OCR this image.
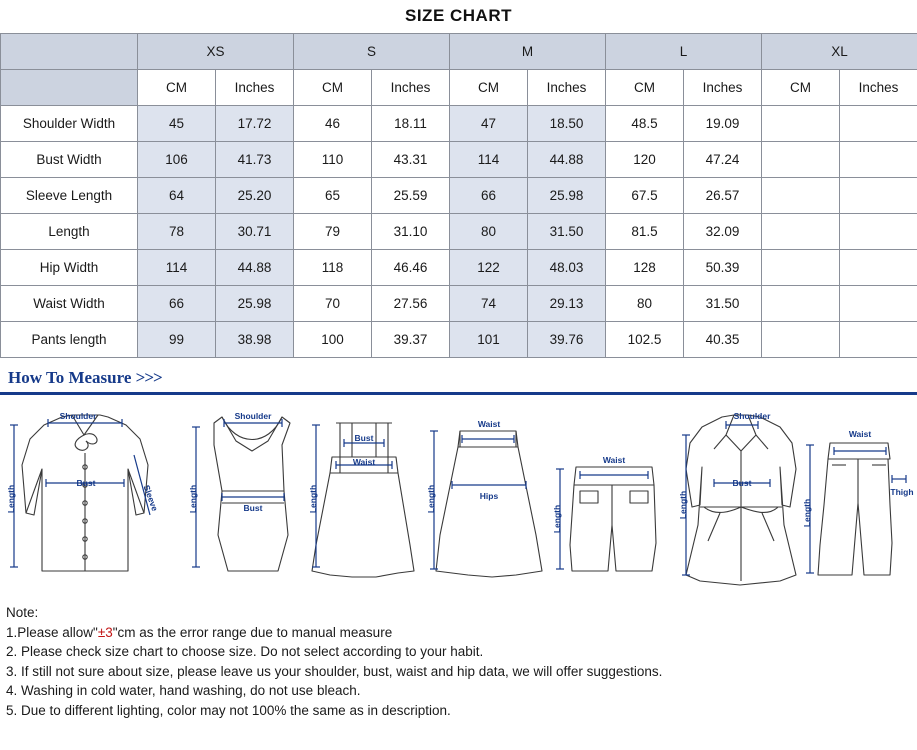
SIZE CHART
	XS		S		M		L		XL	
	CM	Inches	CM	Inches	CM	Inches	CM	Inches	CM	Inches
Shoulder Width	45	17.72	46	18.11	47	18.50	48.5	19.09		
Bust Width	106	41.73	110	43.31	114	44.88	120	47.24		
Sleeve Length	64	25.20	65	25.59	66	25.98	67.5	26.57		
Length	78	30.71	79	31.10	80	31.50	81.5	32.09		
Hip Width	114	44.88	118	46.46	122	48.03	128	50.39		
Waist Width	66	25.98	70	27.56	74	29.13	80	31.50		
Pants length	99	38.98	100	39.37	101	39.76	102.5	40.35		
How To Measure >>>
Shoulder
Bust
Sleeve
Length
Shoulder
Bust
Length
Bust
Waist
Length
Waist
Hips
Length
Waist
Length
Shoulder
Bust
Length
Waist
Thigh
Length
Note:
1.Please allow"±3"cm as the error range due to manual measure
2. Please check size chart to choose size. Do not select according to your habit.
3. If still not sure about size, please leave us your shoulder, bust, waist and hip data, we will offer suggestions.
4. Washing in cold water, hand washing, do not use bleach.
5. Due to different lighting, color may not 100% the same as in description.
